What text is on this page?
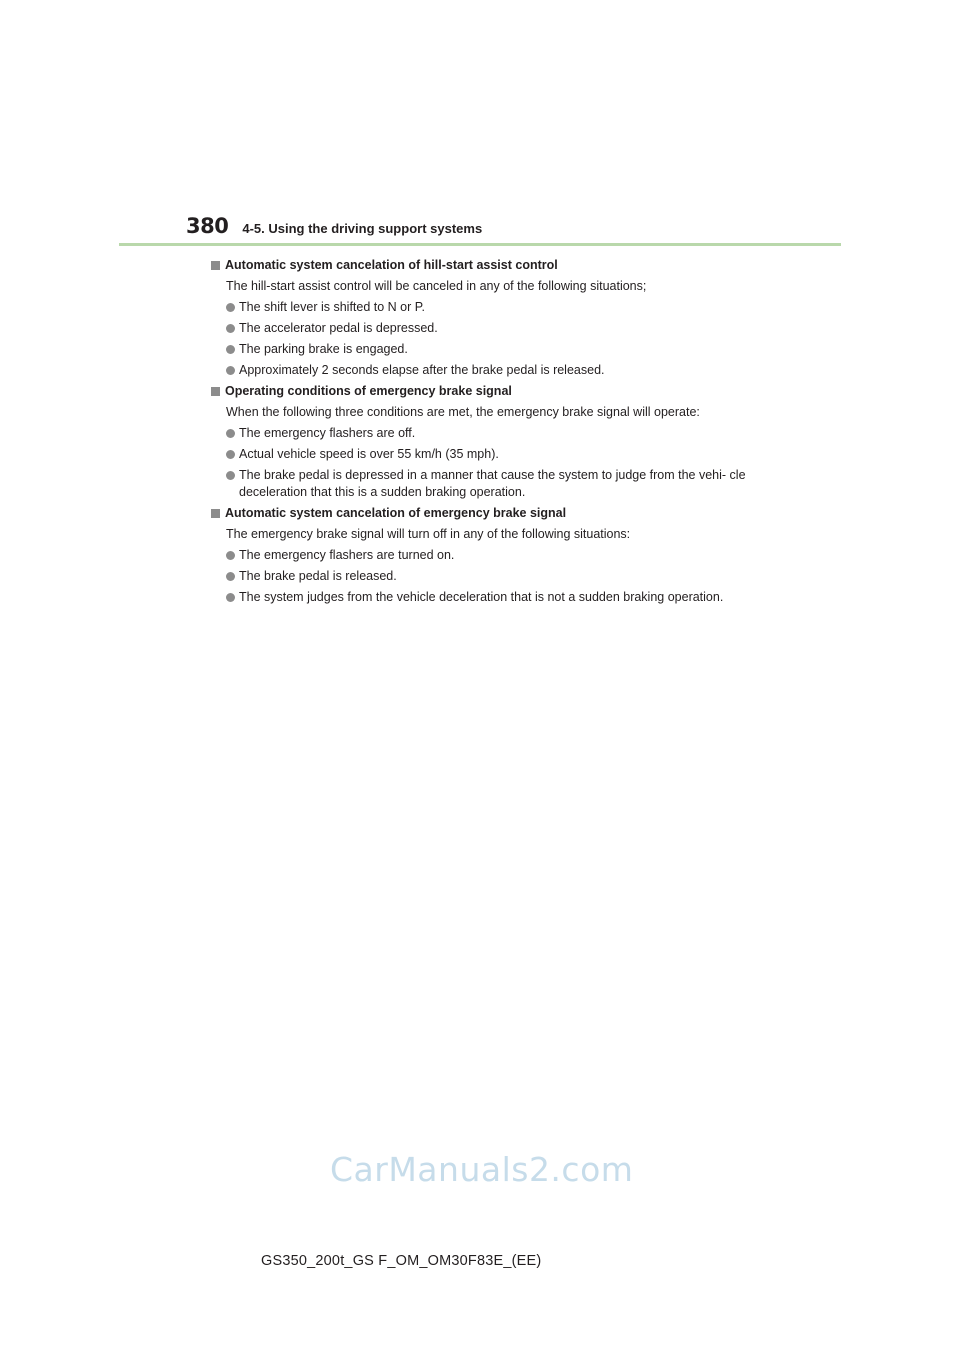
380 4-5. Using the driving support systems
Automatic system cancelation of hill-start assist control
The hill-start assist control will be canceled in any of the following situations;
The shift lever is shifted to N or P.
The accelerator pedal is depressed.
The parking brake is engaged.
Approximately 2 seconds elapse after the brake pedal is released.
Operating conditions of emergency brake signal
When the following three conditions are met, the emergency brake signal will operate:
The emergency flashers are off.
Actual vehicle speed is over 55 km/h (35 mph).
The brake pedal is depressed in a manner that cause the system to judge from the vehi- cle deceleration that this is a sudden braking operation.
Automatic system cancelation of emergency brake signal
The emergency brake signal will turn off in any of the following situations:
The emergency flashers are turned on.
The brake pedal is released.
The system judges from the vehicle deceleration that is not a sudden braking operation.
CarManuals2.com
GS350_200t_GS F_OM_OM30F83E_(EE)
